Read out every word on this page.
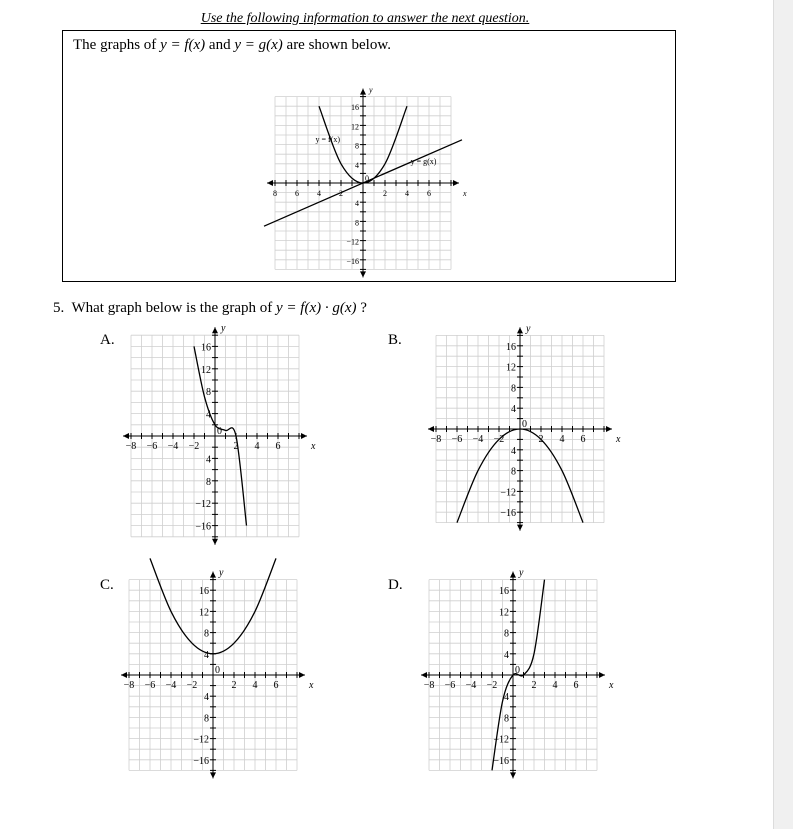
Use the following information to answer the next question.
The graphs of y = f(x) and y = g(x) are shown below.
8 6 4 2	2 4 6
0
16
12
8
4
4
8
−12
−16
x
y
y = f(x)
y = g(x)
5. What graph below is the graph of y = f(x) · g(x) ?
A.	B.
C.	D.
−8 −6 −4 −2	2 4 6
0
16
12
8
4
4
8
−12
−16
x
y
−8 −6 −4 −2	2 4 6
0
16
12
8
4
4
8
−12
−16
x
y
−8 −6 −4 −2	2 4 6
0
16
12
8
4
4
8
−12
−16
x
y
−8 −6 −4 −2	2 4 6
0
16
12
8
4
4
8
−12
−16
x
y
